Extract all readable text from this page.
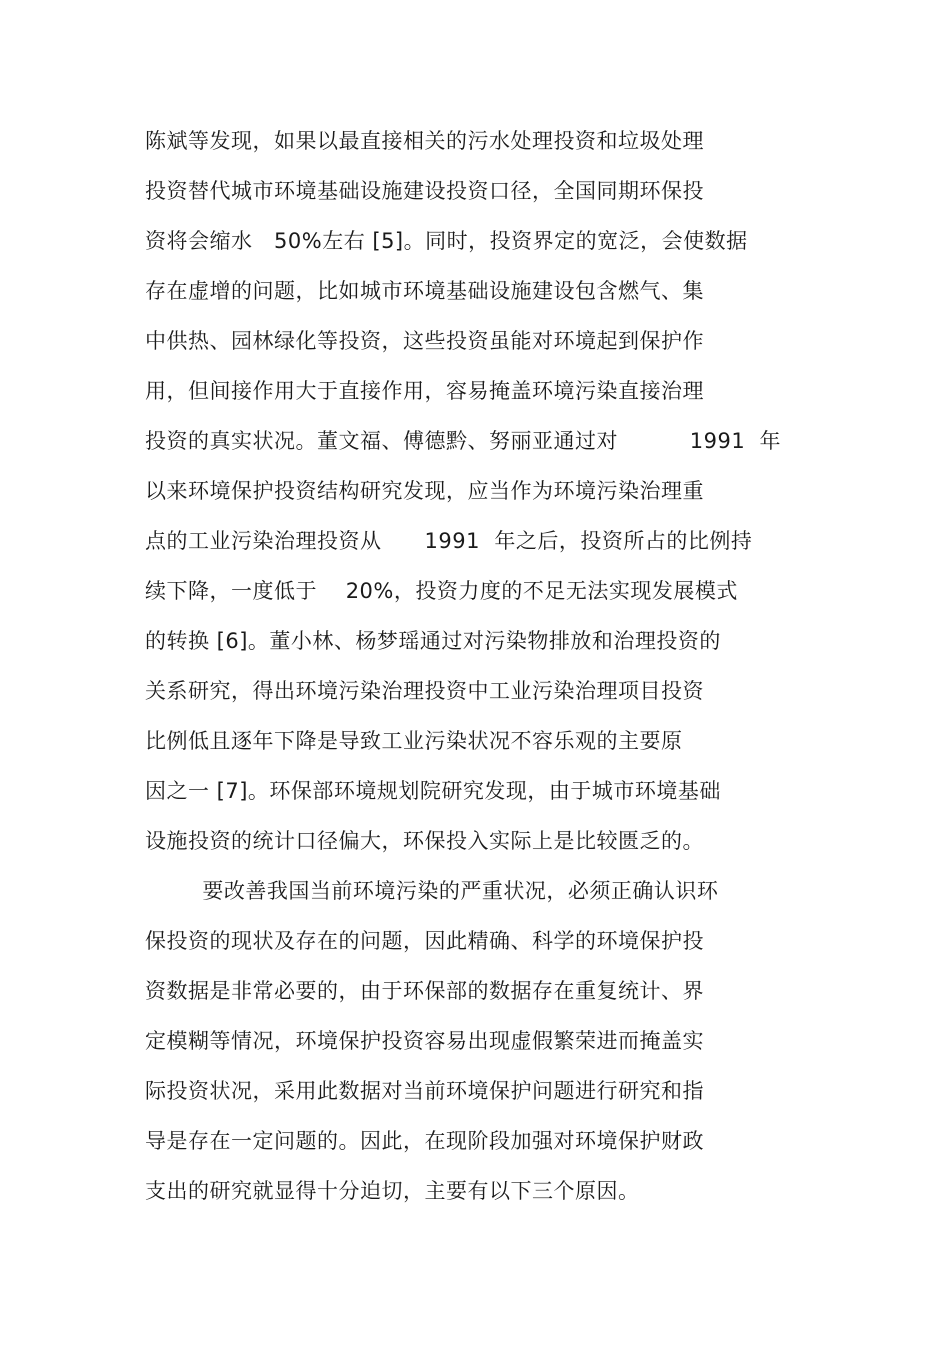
陈斌等发现，如果以最直接相关的污水处理投资和垃圾处理
投资替代城市环境基础设施建设投资口径，全国同期环保投
资将会缩水   50%左右 [5]。同时，投资界定的宽泛，会使数据
存在虚增的问题，比如城市环境基础设施建设包含燃气、集
中供热、园林绿化等投资，这些投资虽能对环境起到保护作
用，但间接作用大于直接作用，容易掩盖环境污染直接治理
投资的真实状况。董文福、傅德黔、努丽亚通过对          1991  年
以来环境保护投资结构研究发现，应当作为环境污染治理重
点的工业污染治理投资从      1991  年之后，投资所占的比例持
续下降，一度低于    20%，投资力度的不足无法实现发展模式
的转换 [6]。董小林、杨梦瑶通过对污染物排放和治理投资的
关系研究，得出环境污染治理投资中工业污染治理项目投资
比例低且逐年下降是导致工业污染状况不容乐观的主要原
因之一 [7]。环保部环境规划院研究发现，由于城市环境基础
设施投资的统计口径偏大，环保投入实际上是比较匮乏的。
要改善我国当前环境污染的严重状况，必须正确认识环
保投资的现状及存在的问题，因此精确、科学的环境保护投
资数据是非常必要的，由于环保部的数据存在重复统计、界
定模糊等情况，环境保护投资容易出现虚假繁荣进而掩盖实
际投资状况，采用此数据对当前环境保护问题进行研究和指
导是存在一定问题的。因此，在现阶段加强对环境保护财政
支出的研究就显得十分迫切，主要有以下三个原因。
